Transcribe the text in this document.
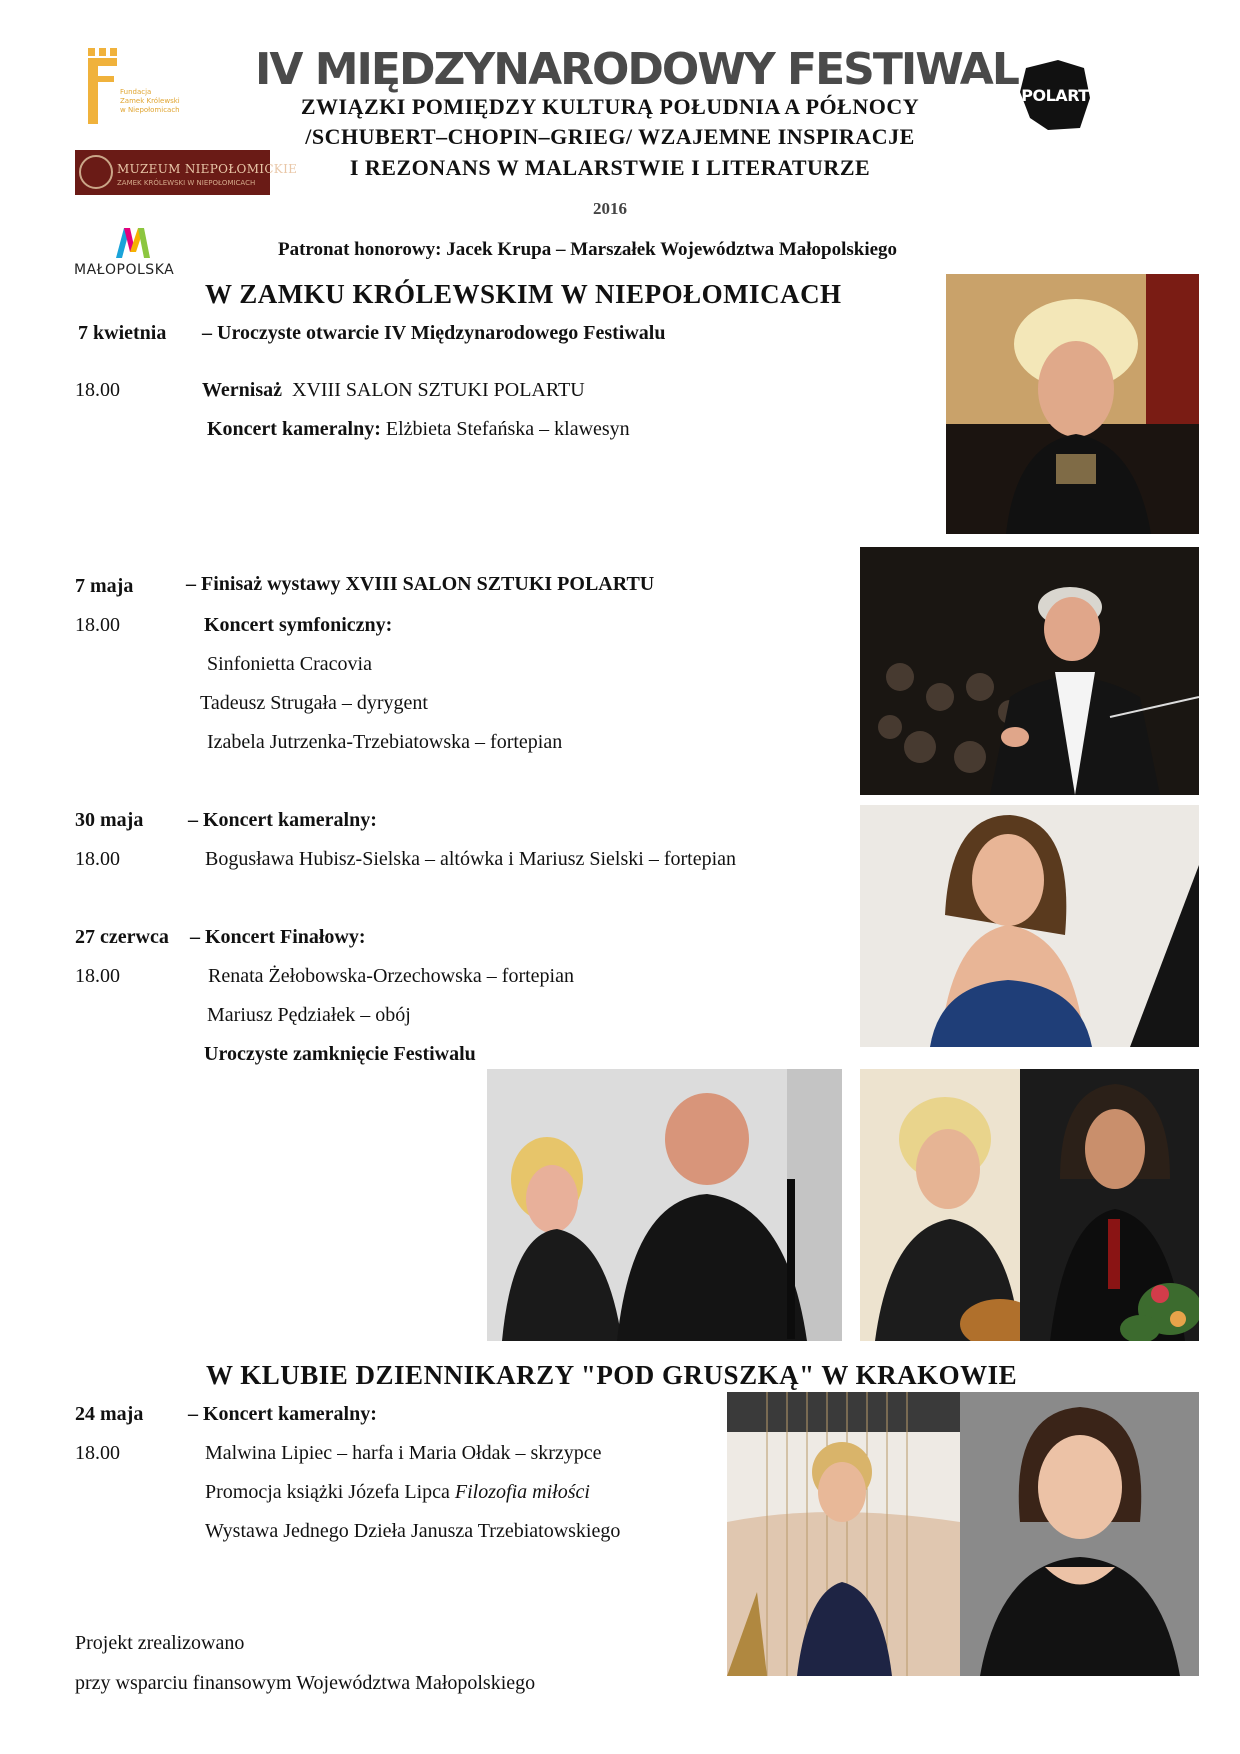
Fundacja
Zamek Królewski
w Niepołomicach
MUZEUM NIEPOŁOMICKIE
ZAMEK KRÓLEWSKI W NIEPOŁOMICACH
MAŁOPOLSKA
POLART
IV MIĘDZYNARODOWY FESTIWAL
ZWIĄZKI POMIĘDZY KULTURĄ POŁUDNIA A PÓŁNOCY
/SCHUBERT–CHOPIN–GRIEG/ WZAJEMNE INSPIRACJE
I REZONANS W MALARSTWIE I LITERATURZE
2016
Patronat honorowy: Jacek Krupa – Marszałek Województwa Małopolskiego
W ZAMKU KRÓLEWSKIM W NIEPOŁOMICACH
7 kwietnia – Uroczyste otwarcie IV Międzynarodowego Festiwalu
18.00	Wernisaż XVIII SALON SZTUKI POLARTU
Koncert kameralny: Elżbieta Stefańska – klawesyn
7 maja	– Finisaż wystawy XVIII SALON SZTUKI POLARTU
18.00	Koncert symfoniczny:
Sinfonietta Cracovia
Tadeusz Strugała – dyrygent
Izabela Jutrzenka-Trzebiatowska – fortepian
30 maja – Koncert kameralny:
18.00	Bogusława Hubisz-Sielska – altówka i Mariusz Sielski – fortepian
27 czerwca – Koncert Finałowy:
18.00	Renata Żełobowska-Orzechowska – fortepian
Mariusz Pędziałek – obój
Uroczyste zamknięcie Festiwalu
W KLUBIE DZIENNIKARZY "POD GRUSZKĄ" W KRAKOWIE
24 maja – Koncert kameralny:
18.00	Malwina Lipiec – harfa i Maria Ołdak – skrzypce
Promocja książki Józefa Lipca Filozofia miłości
Wystawa Jednego Dzieła Janusza Trzebiatowskiego
Projekt zrealizowano
przy wsparciu finansowym Województwa Małopolskiego
